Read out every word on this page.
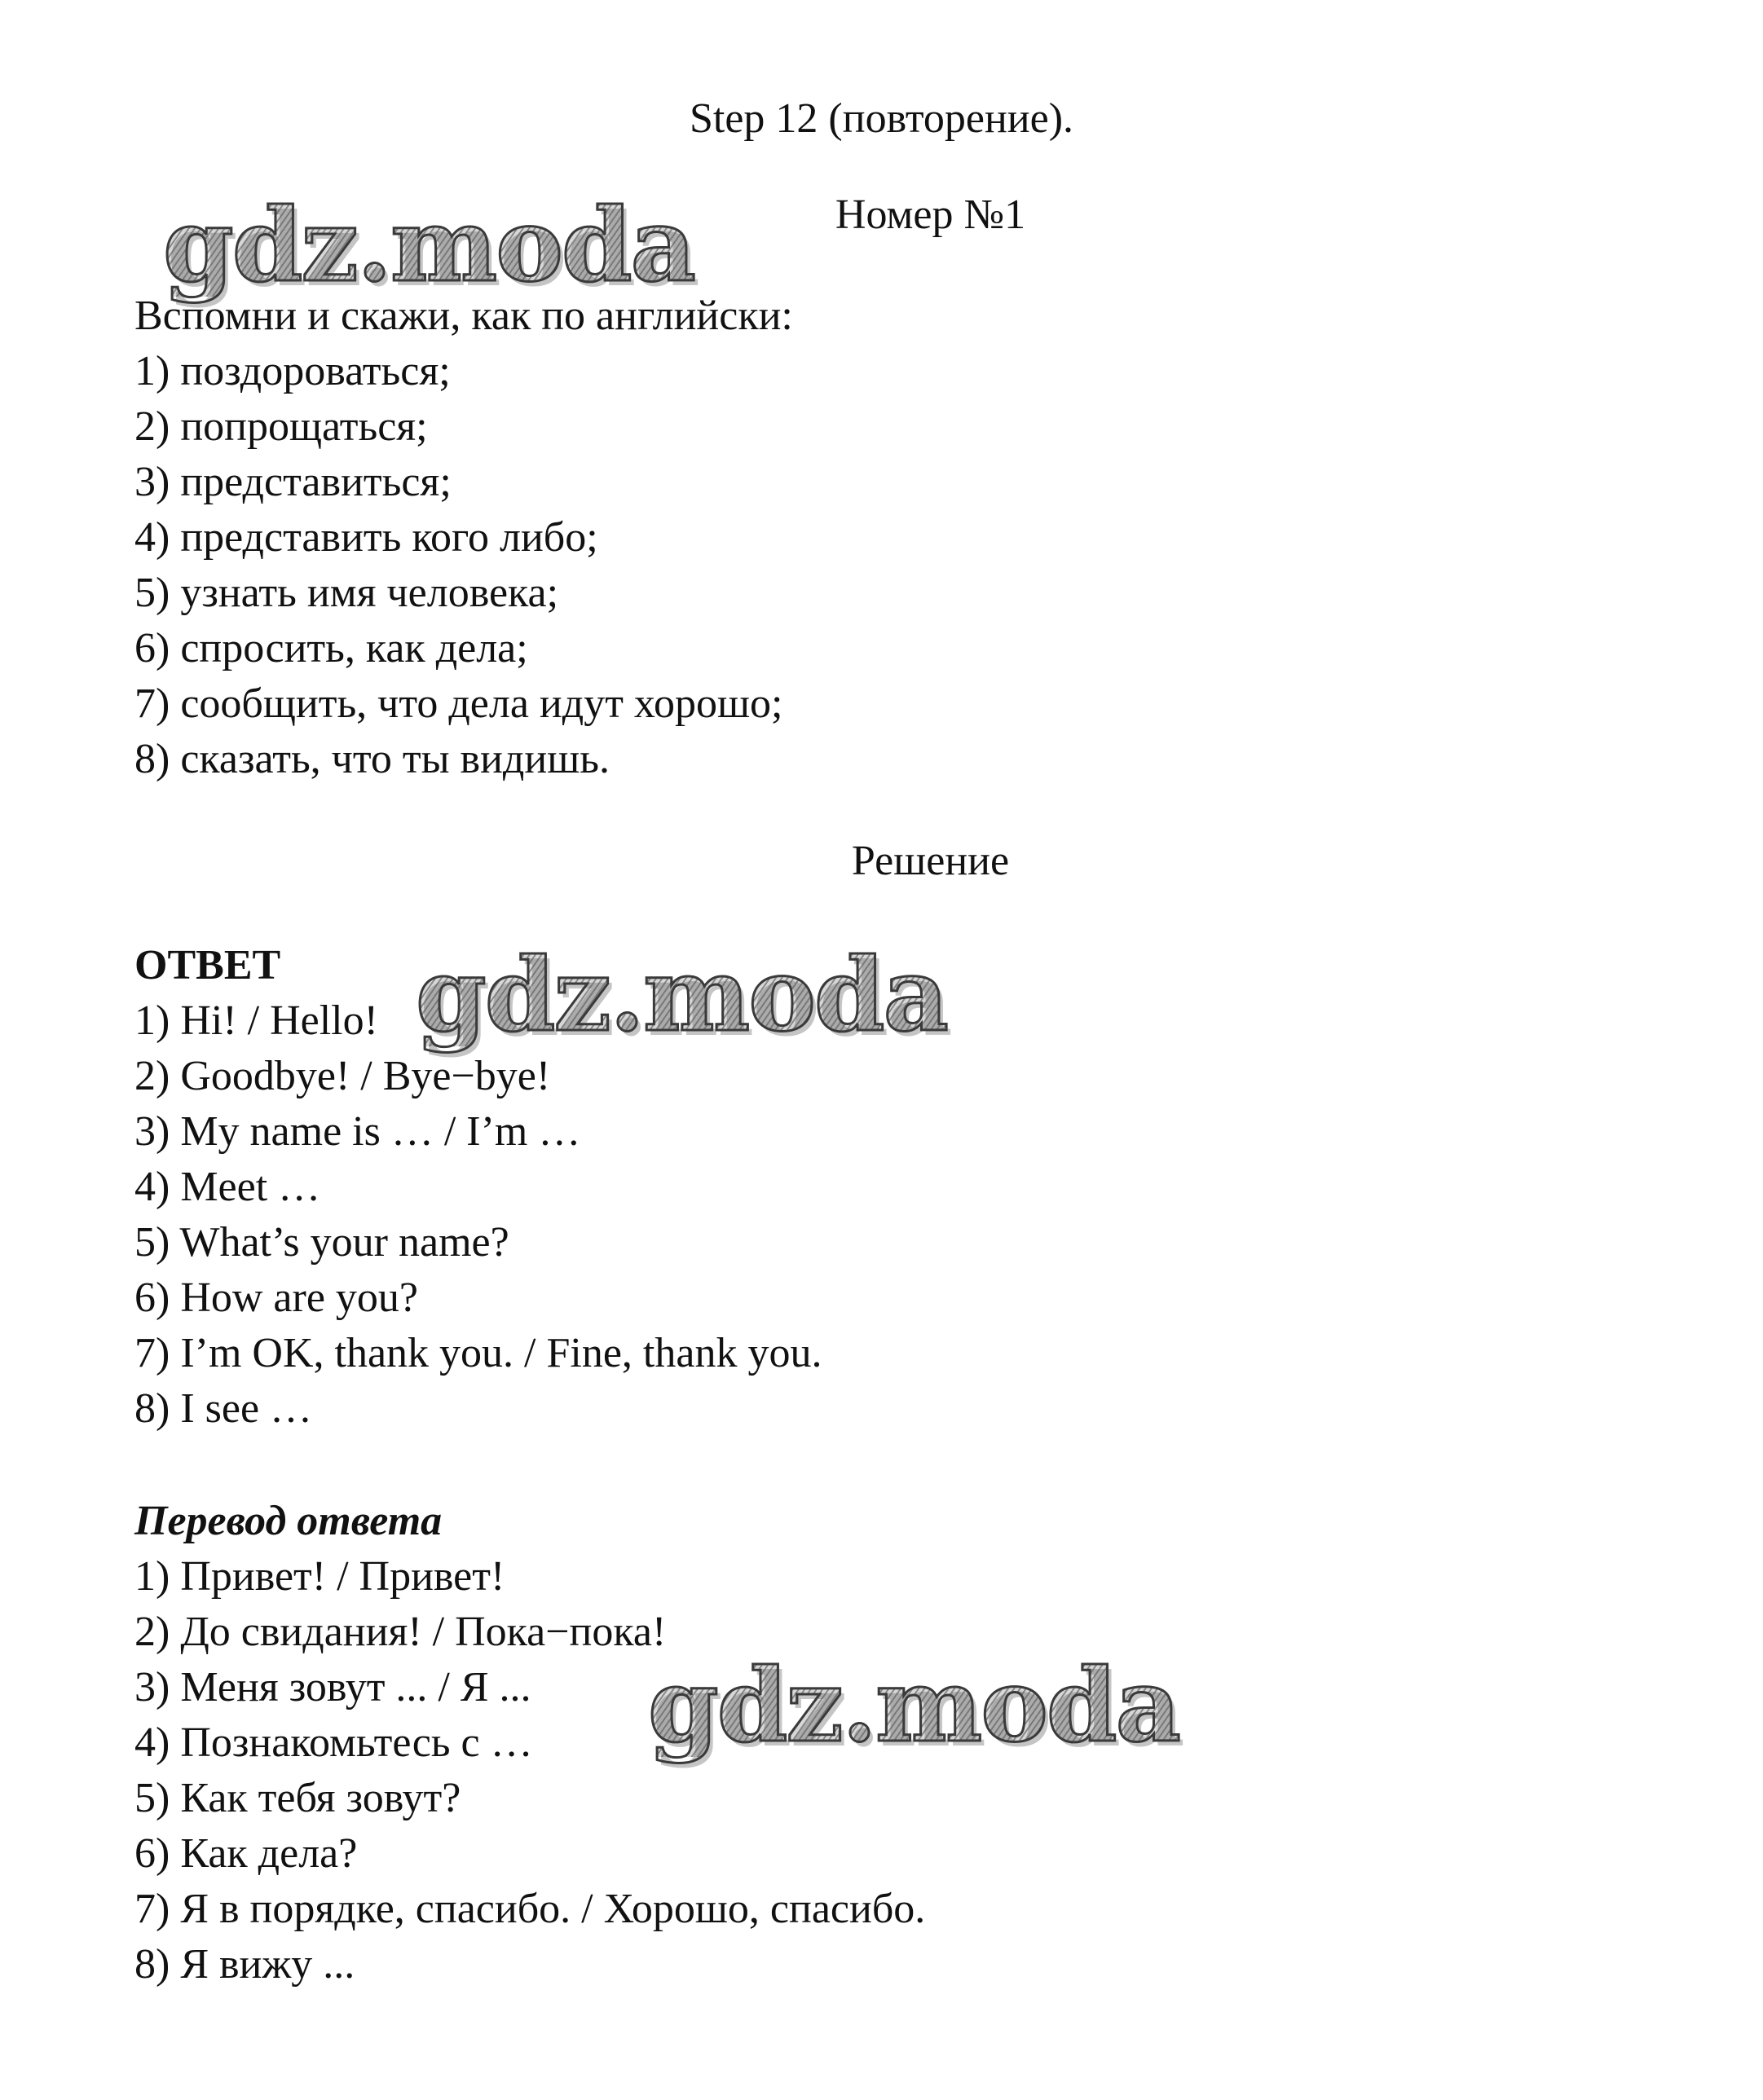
Step 12 (повторение).
Номер №1
gdz.moda
Вспомни и скажи, как по английски:
1) поздороваться;
2) попрощаться;
3) представиться;
4) представить кого либо;
5) узнать имя человека;
6) спросить, как дела;
7) сообщить, что дела идут хорошо;
8) сказать, что ты видишь.
Решение
ОТВЕТ
1) Hi! / Hello!
2) Goodbye! / Bye−bye!
3) My name is … / I’m …
4) Meet …
5) What’s your name?
6) How are you?
7) I’m OK, thank you. / Fine, thank you.
8) I see …
gdz.moda
Перевод ответа
1) Привет! / Привет!
2) До свидания! / Пока−пока!
3) Меня зовут ... / Я ...
4) Познакомьтесь с …
5) Как тебя зовут?
6) Как дела?
7) Я в порядке, спасибо. / Хорошо, спасибо.
8) Я вижу ...
gdz.moda
